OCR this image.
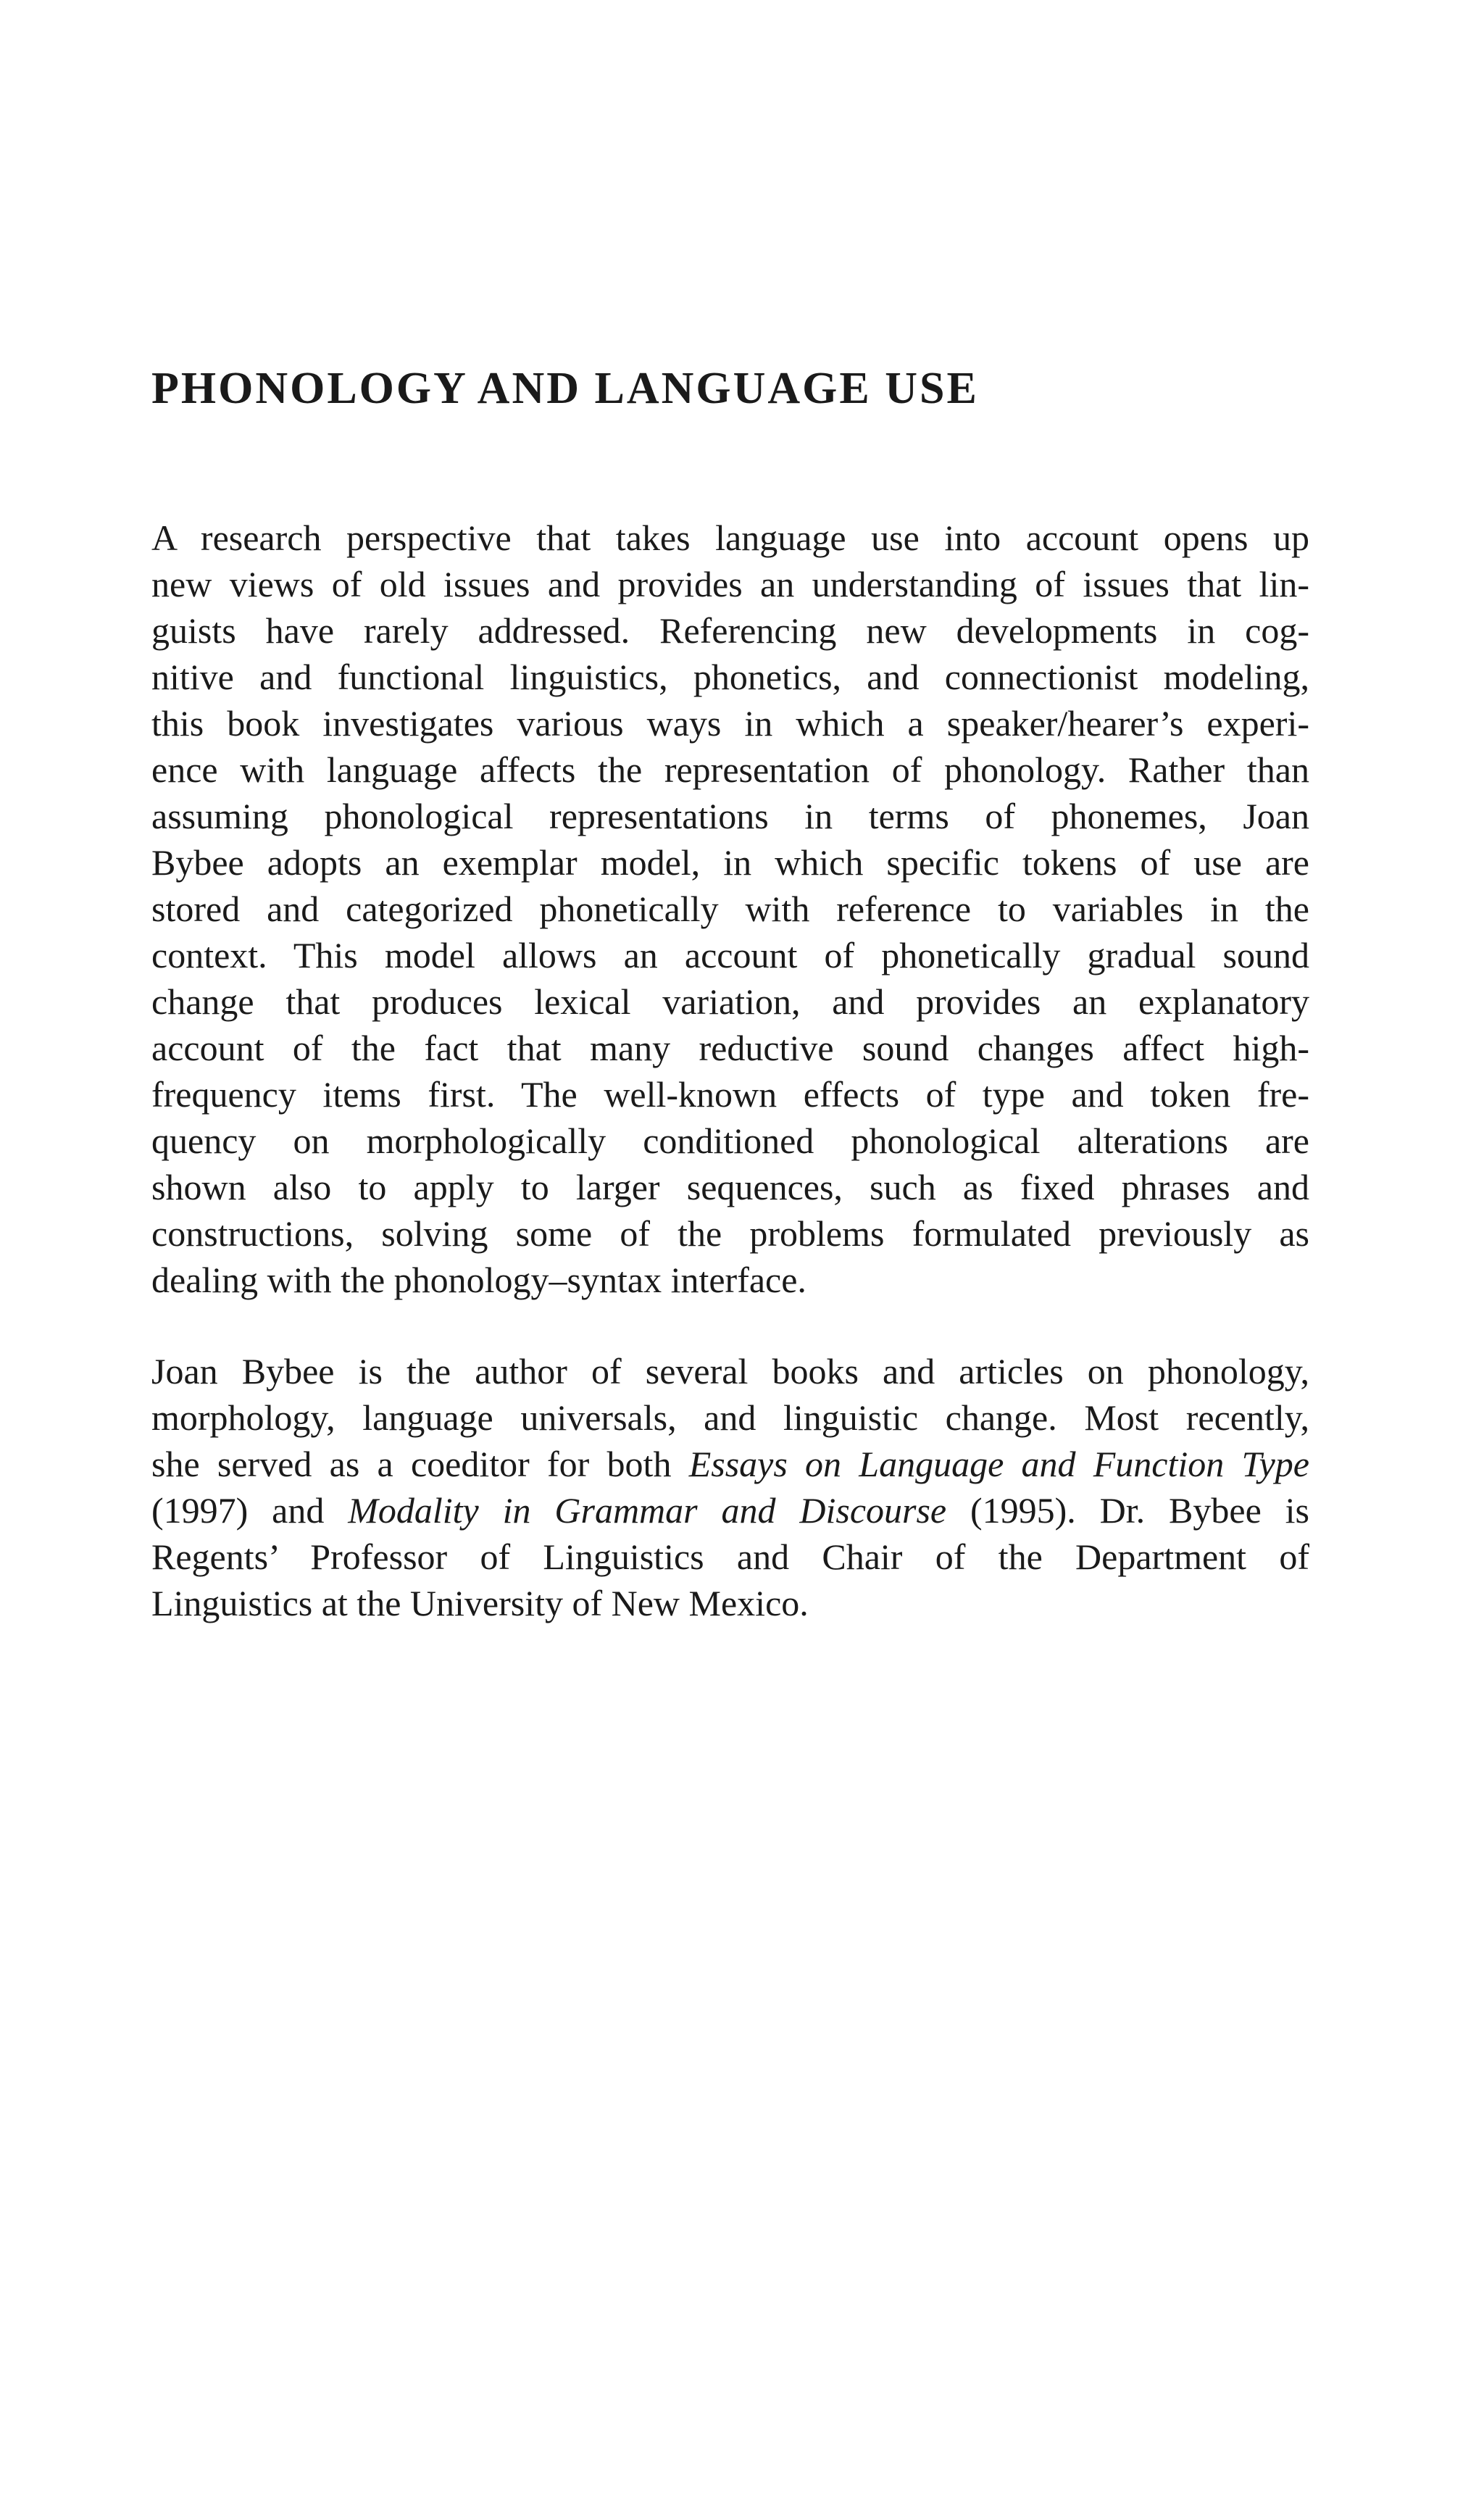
PHONOLOGY AND LANGUAGE USE
A research perspective that takes language use into account opens up
new views of old issues and provides an understanding of issues that lin-
guists have rarely addressed. Referencing new developments in cog-
nitive and functional linguistics, phonetics, and connectionist modeling,
this book investigates various ways in which a speaker/hearer’s experi-
ence with language affects the representation of phonology. Rather than
assuming phonological representations in terms of phonemes, Joan
Bybee adopts an exemplar model, in which specific tokens of use are
stored and categorized phonetically with reference to variables in the
context. This model allows an account of phonetically gradual sound
change that produces lexical variation, and provides an explanatory
account of the fact that many reductive sound changes affect high-
frequency items first. The well-known effects of type and token fre-
quency on morphologically conditioned phonological alterations are
shown also to apply to larger sequences, such as fixed phrases and
constructions, solving some of the problems formulated previously as
dealing with the phonology–syntax interface.
Joan Bybee is the author of several books and articles on phonology,
morphology, language universals, and linguistic change. Most recently,
she served as a coeditor for both Essays on Language and Function Type
(1997) and Modality in Grammar and Discourse (1995). Dr. Bybee is
Regents’ Professor of Linguistics and Chair of the Department of
Linguistics at the University of New Mexico.
